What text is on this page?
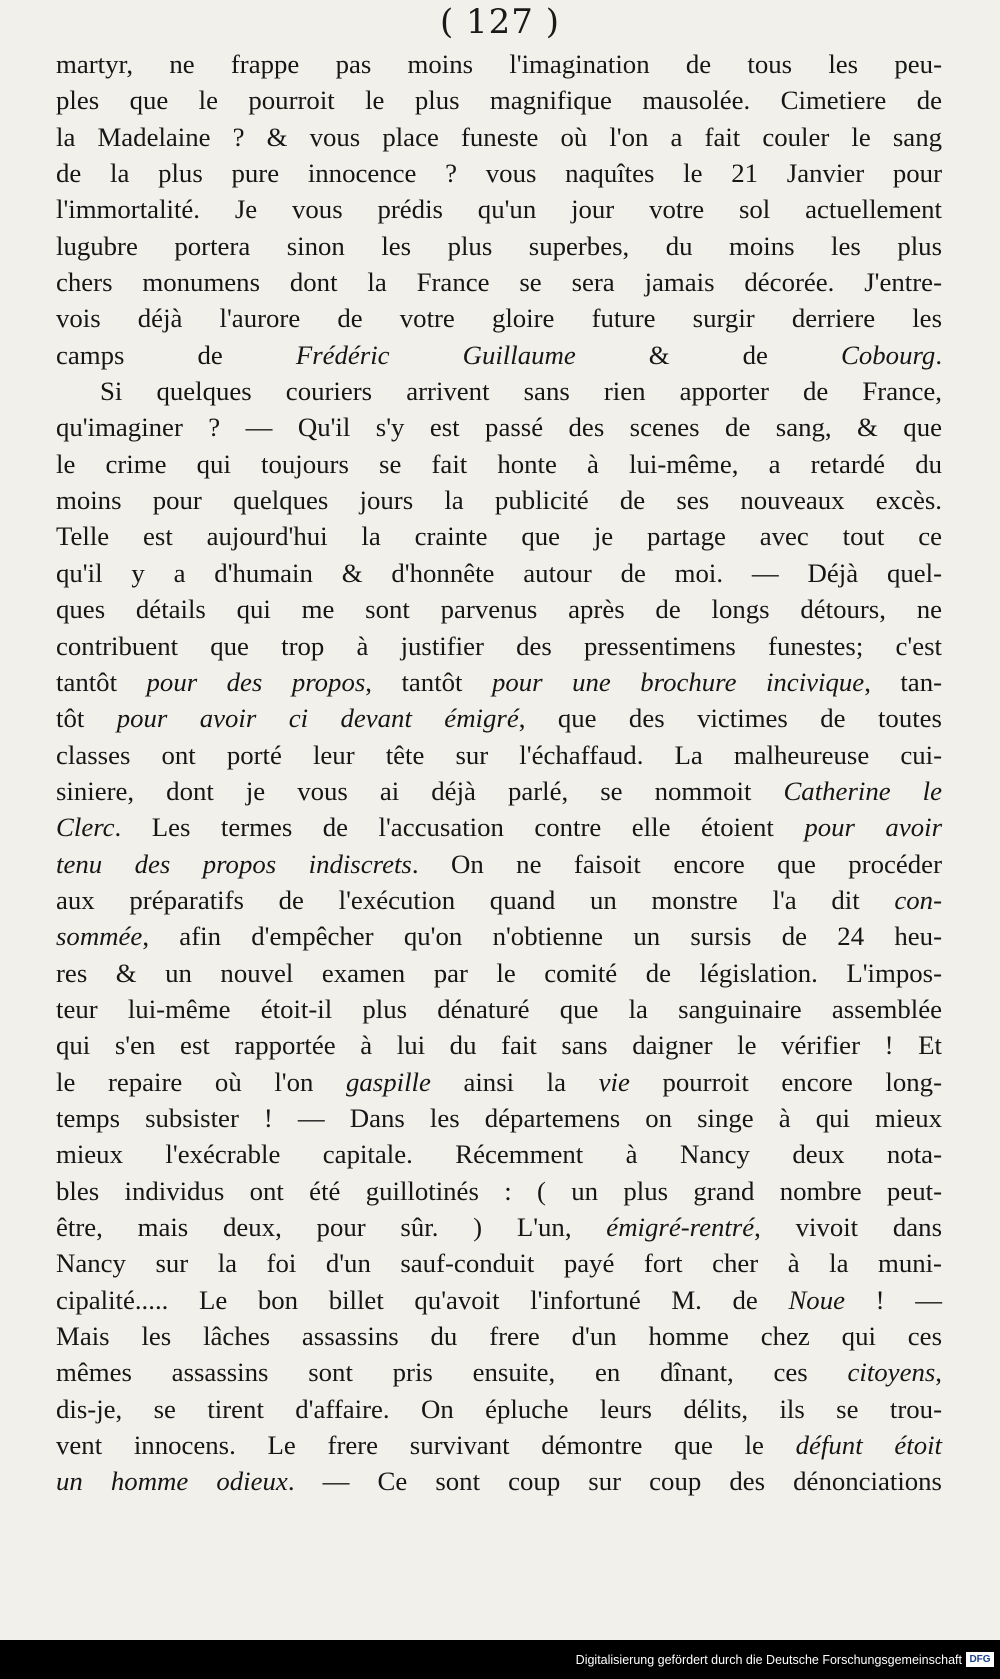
( 127 )
martyr, ne frappe pas moins l'imagination de tous les peu-
ples que le pourroit le plus magnifique mausolée. Cimetiere de
la Madelaine ? & vous place funeste où l'on a fait couler le sang
de la plus pure innocence ? vous naquîtes le 21 Janvier pour
l'immortalité. Je vous prédis qu'un jour votre sol actuellement
lugubre portera sinon les plus superbes, du moins les plus
chers monumens dont la France se sera jamais décorée. J'entre-
vois déjà l'aurore de votre gloire future surgir derriere les
camps de Frédéric Guillaume & de Cobourg.
Si quelques couriers arrivent sans rien apporter de France,
qu'imaginer ? — Qu'il s'y est passé des scenes de sang, & que
le crime qui toujours se fait honte à lui-même, a retardé du
moins pour quelques jours la publicité de ses nouveaux excès.
Telle est aujourd'hui la crainte que je partage avec tout ce
qu'il y a d'humain & d'honnête autour de moi. — Déjà quel-
ques détails qui me sont parvenus après de longs détours, ne
contribuent que trop à justifier des pressentimens funestes; c'est
tantôt pour des propos, tantôt pour une brochure incivique, tan-
tôt pour avoir ci devant émigré, que des victimes de toutes
classes ont porté leur tête sur l'échaffaud. La malheureuse cui-
siniere, dont je vous ai déjà parlé, se nommoit Catherine le
Clerc. Les termes de l'accusation contre elle étoient pour avoir
tenu des propos indiscrets. On ne faisoit encore que procéder
aux préparatifs de l'exécution quand un monstre l'a dit con-
sommée, afin d'empêcher qu'on n'obtienne un sursis de 24 heu-
res & un nouvel examen par le comité de législation. L'impos-
teur lui-même étoit-il plus dénaturé que la sanguinaire assemblée
qui s'en est rapportée à lui du fait sans daigner le vérifier ! Et
le repaire où l'on gaspille ainsi la vie pourroit encore long-
temps subsister ! — Dans les départemens on singe à qui mieux
mieux l'exécrable capitale. Récemment à Nancy deux nota-
bles individus ont été guillotinés : ( un plus grand nombre peut-
être, mais deux, pour sûr. ) L'un, émigré-rentré, vivoit dans
Nancy sur la foi d'un sauf-conduit payé fort cher à la muni-
cipalité..... Le bon billet qu'avoit l'infortuné M. de Noue ! —
Mais les lâches assassins du frere d'un homme chez qui ces
mêmes assassins sont pris ensuite, en dînant, ces citoyens,
dis-je, se tirent d'affaire. On épluche leurs délits, ils se trou-
vent innocens. Le frere survivant démontre que le défunt étoit
un homme odieux. — Ce sont coup sur coup des dénonciations

Digitalisierung gefördert durch die Deutsche Forschungsgemeinschaft DFG
